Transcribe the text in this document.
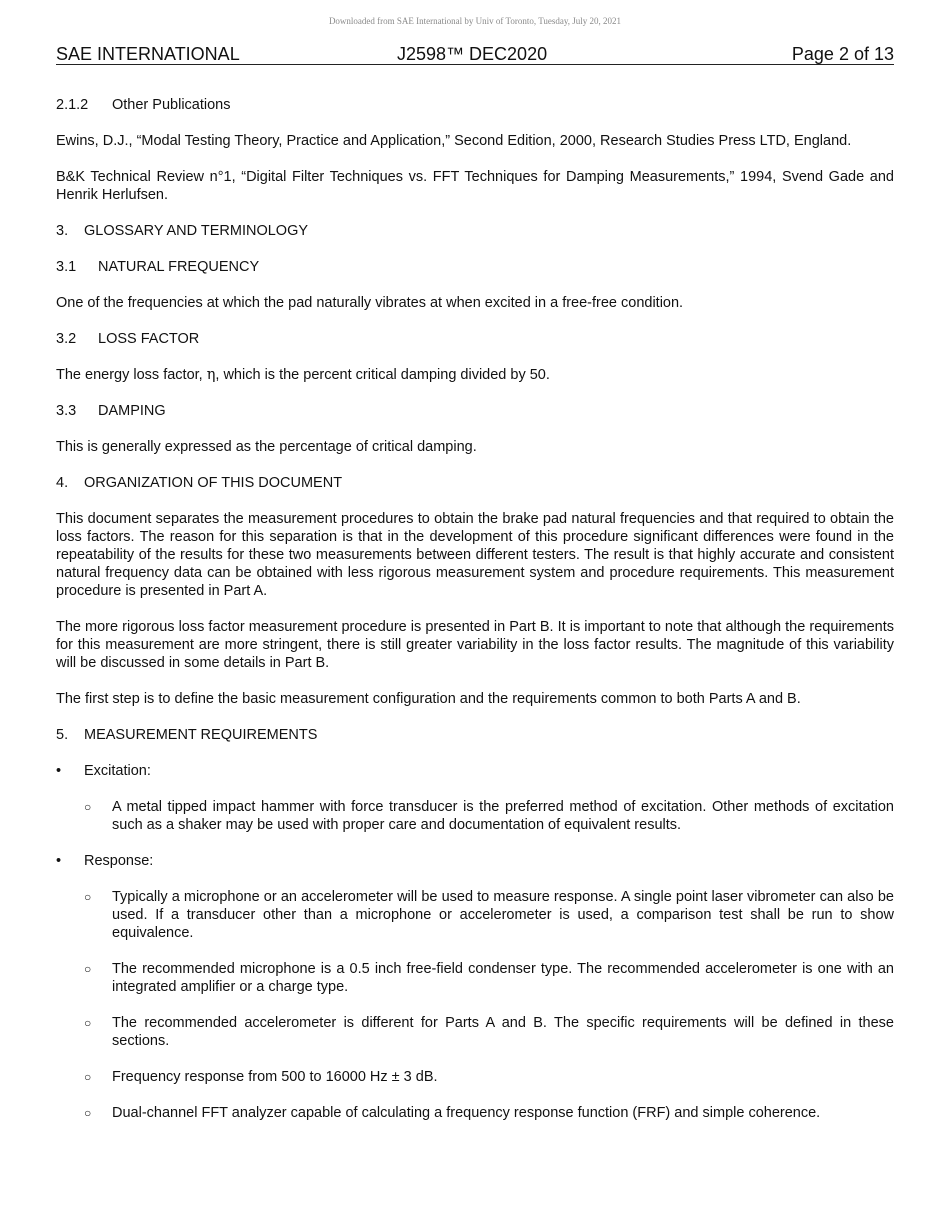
Downloaded from SAE International by Univ of Toronto, Tuesday, July 20, 2021
SAE INTERNATIONAL	J2598™ DEC2020	Page 2 of 13
2.1.2 Other Publications

Ewins, D.J., “Modal Testing Theory, Practice and Application,” Second Edition, 2000, Research Studies Press LTD, England.

B&K Technical Review n°1, “Digital Filter Techniques vs. FFT Techniques for Damping Measurements,” 1994, Svend Gade and Henrik Herlufsen.

3. GLOSSARY AND TERMINOLOGY
3.1 NATURAL FREQUENCY

One of the frequencies at which the pad naturally vibrates at when excited in a free-free condition.

3.2 LOSS FACTOR

The energy loss factor, η, which is the percent critical damping divided by 50.

3.3 DAMPING

This is generally expressed as the percentage of critical damping.

4. ORGANIZATION OF THIS DOCUMENT

This document separates the measurement procedures to obtain the brake pad natural frequencies and that required to obtain the loss factors. The reason for this separation is that in the development of this procedure significant differences were found in the repeatability of the results for these two measurements between different testers. The result is that highly accurate and consistent natural frequency data can be obtained with less rigorous measurement system and procedure requirements. This measurement procedure is presented in Part A.

The more rigorous loss factor measurement procedure is presented in Part B. It is important to note that although the requirements for this measurement are more stringent, there is still greater variability in the loss factor results. The magnitude of this variability will be discussed in some details in Part B.

The first step is to define the basic measurement configuration and the requirements common to both Parts A and B.

5. MEASUREMENT REQUIREMENTS
• Excitation:
○ A metal tipped impact hammer with force transducer is the preferred method of excitation. Other methods of excitation such as a shaker may be used with proper care and documentation of equivalent results.
• Response:
○ Typically a microphone or an accelerometer will be used to measure response. A single point laser vibrometer can also be used. If a transducer other than a microphone or accelerometer is used, a comparison test shall be run to show equivalence.
○ The recommended microphone is a 0.5 inch free-field condenser type. The recommended accelerometer is one with an integrated amplifier or a charge type.
○ The recommended accelerometer is different for Parts A and B. The specific requirements will be defined in these sections.
○ Frequency response from 500 to 16000 Hz ± 3 dB.
○ Dual-channel FFT analyzer capable of calculating a frequency response function (FRF) and simple coherence.
